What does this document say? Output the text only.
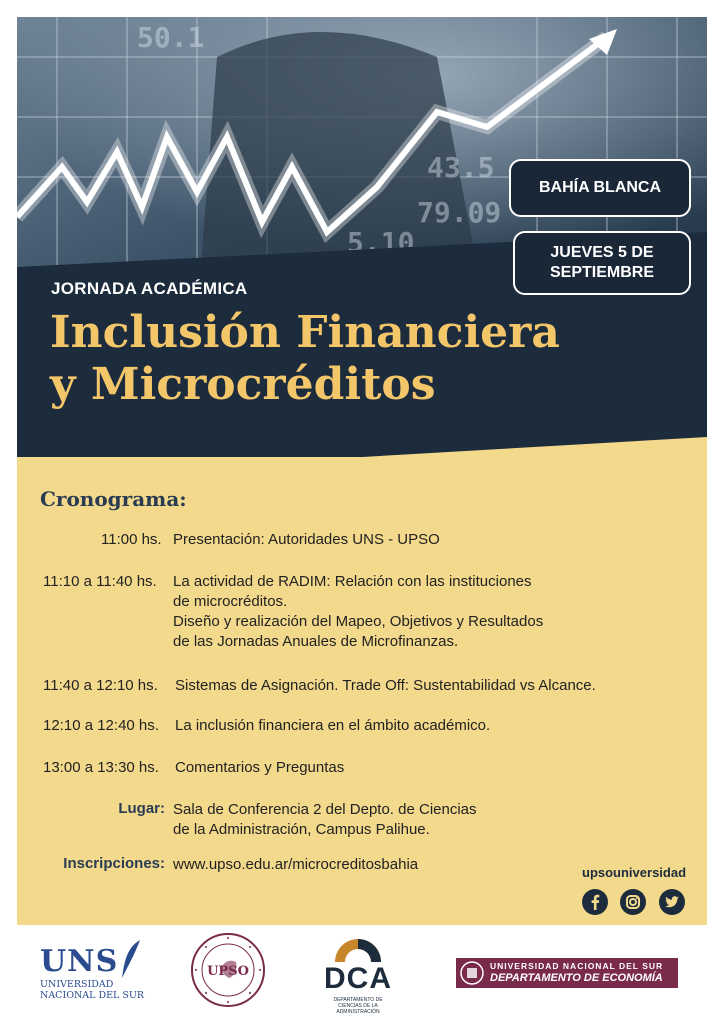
43.5
79.09
5.10
50.1
BAHÍA BLANCA
JUEVES 5 DE
SEPTIEMBRE
JORNADA ACADÉMICA
Inclusión Financiera
y Microcréditos
Cronograma:
11:00 hs. Presentación: Autoridades UNS - UPSO
11:10 a 11:40 hs. La actividad de RADIM: Relación con las instituciones
de microcréditos.
Diseño y realización del Mapeo, Objetivos y Resultados
de las Jornadas Anuales de Microfinanzas.
11:40 a 12:10 hs. Sistemas de Asignación. Trade Off: Sustentabilidad vs Alcance.
12:10 a 12:40 hs. La inclusión financiera en el ámbito académico.
13:00 a 13:30 hs. Comentarios y Preguntas
Lugar: Sala de Conferencia 2 del Depto. de Ciencias
de la Administración, Campus Palihue.
Inscripciones: www.upso.edu.ar/microcreditosbahia	upsouniversidad
UNS
UNIVERSIDAD
NACIONAL DEL SUR
UPSO	DCA
DEPARTAMENTO DE
CIENCIAS DE LA ADMINISTRACIÓN
UNIVERSIDAD NACIONAL DEL SUR
DEPARTAMENTO DE ECONOMÍA
